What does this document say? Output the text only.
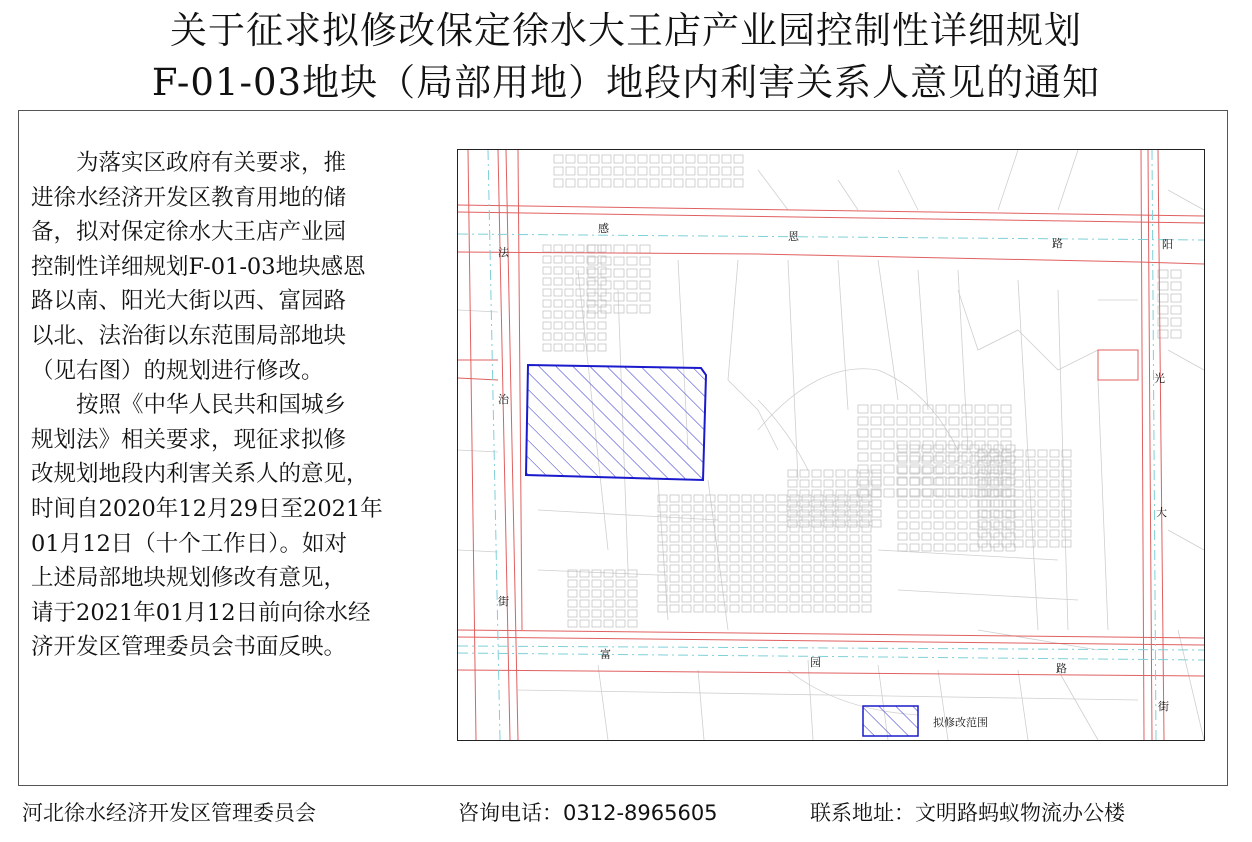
关于征求拟修改保定徐水大王店产业园控制性详细规划
F-01-03地块（局部用地）地段内利害关系人意见的通知
　　为落实区政府有关要求，推
进徐水经济开发区教育用地的储
备，拟对保定徐水大王店产业园
控制性详细规划F-01-03地块感恩
路以南、阳光大街以西、富园路
以北、法治街以东范围局部地块
（见右图）的规划进行修改。
　　按照《中华人民共和国城乡
规划法》相关要求，现征求拟修
改规划地段内利害关系人的意见，
时间自2020年12月29日至2021年
01月12日（十个工作日）。如对
上述局部地块规划修改有意见，
请于2021年01月12日前向徐水经
济开发区管理委员会书面反映。
感
恩
路	阳
光
大
街
富
园	路
法
治
街
拟修改范围
河北徐水经济开发区管理委员会	咨询电话：0312-8965605	联系地址：文明路蚂蚁物流办公楼
